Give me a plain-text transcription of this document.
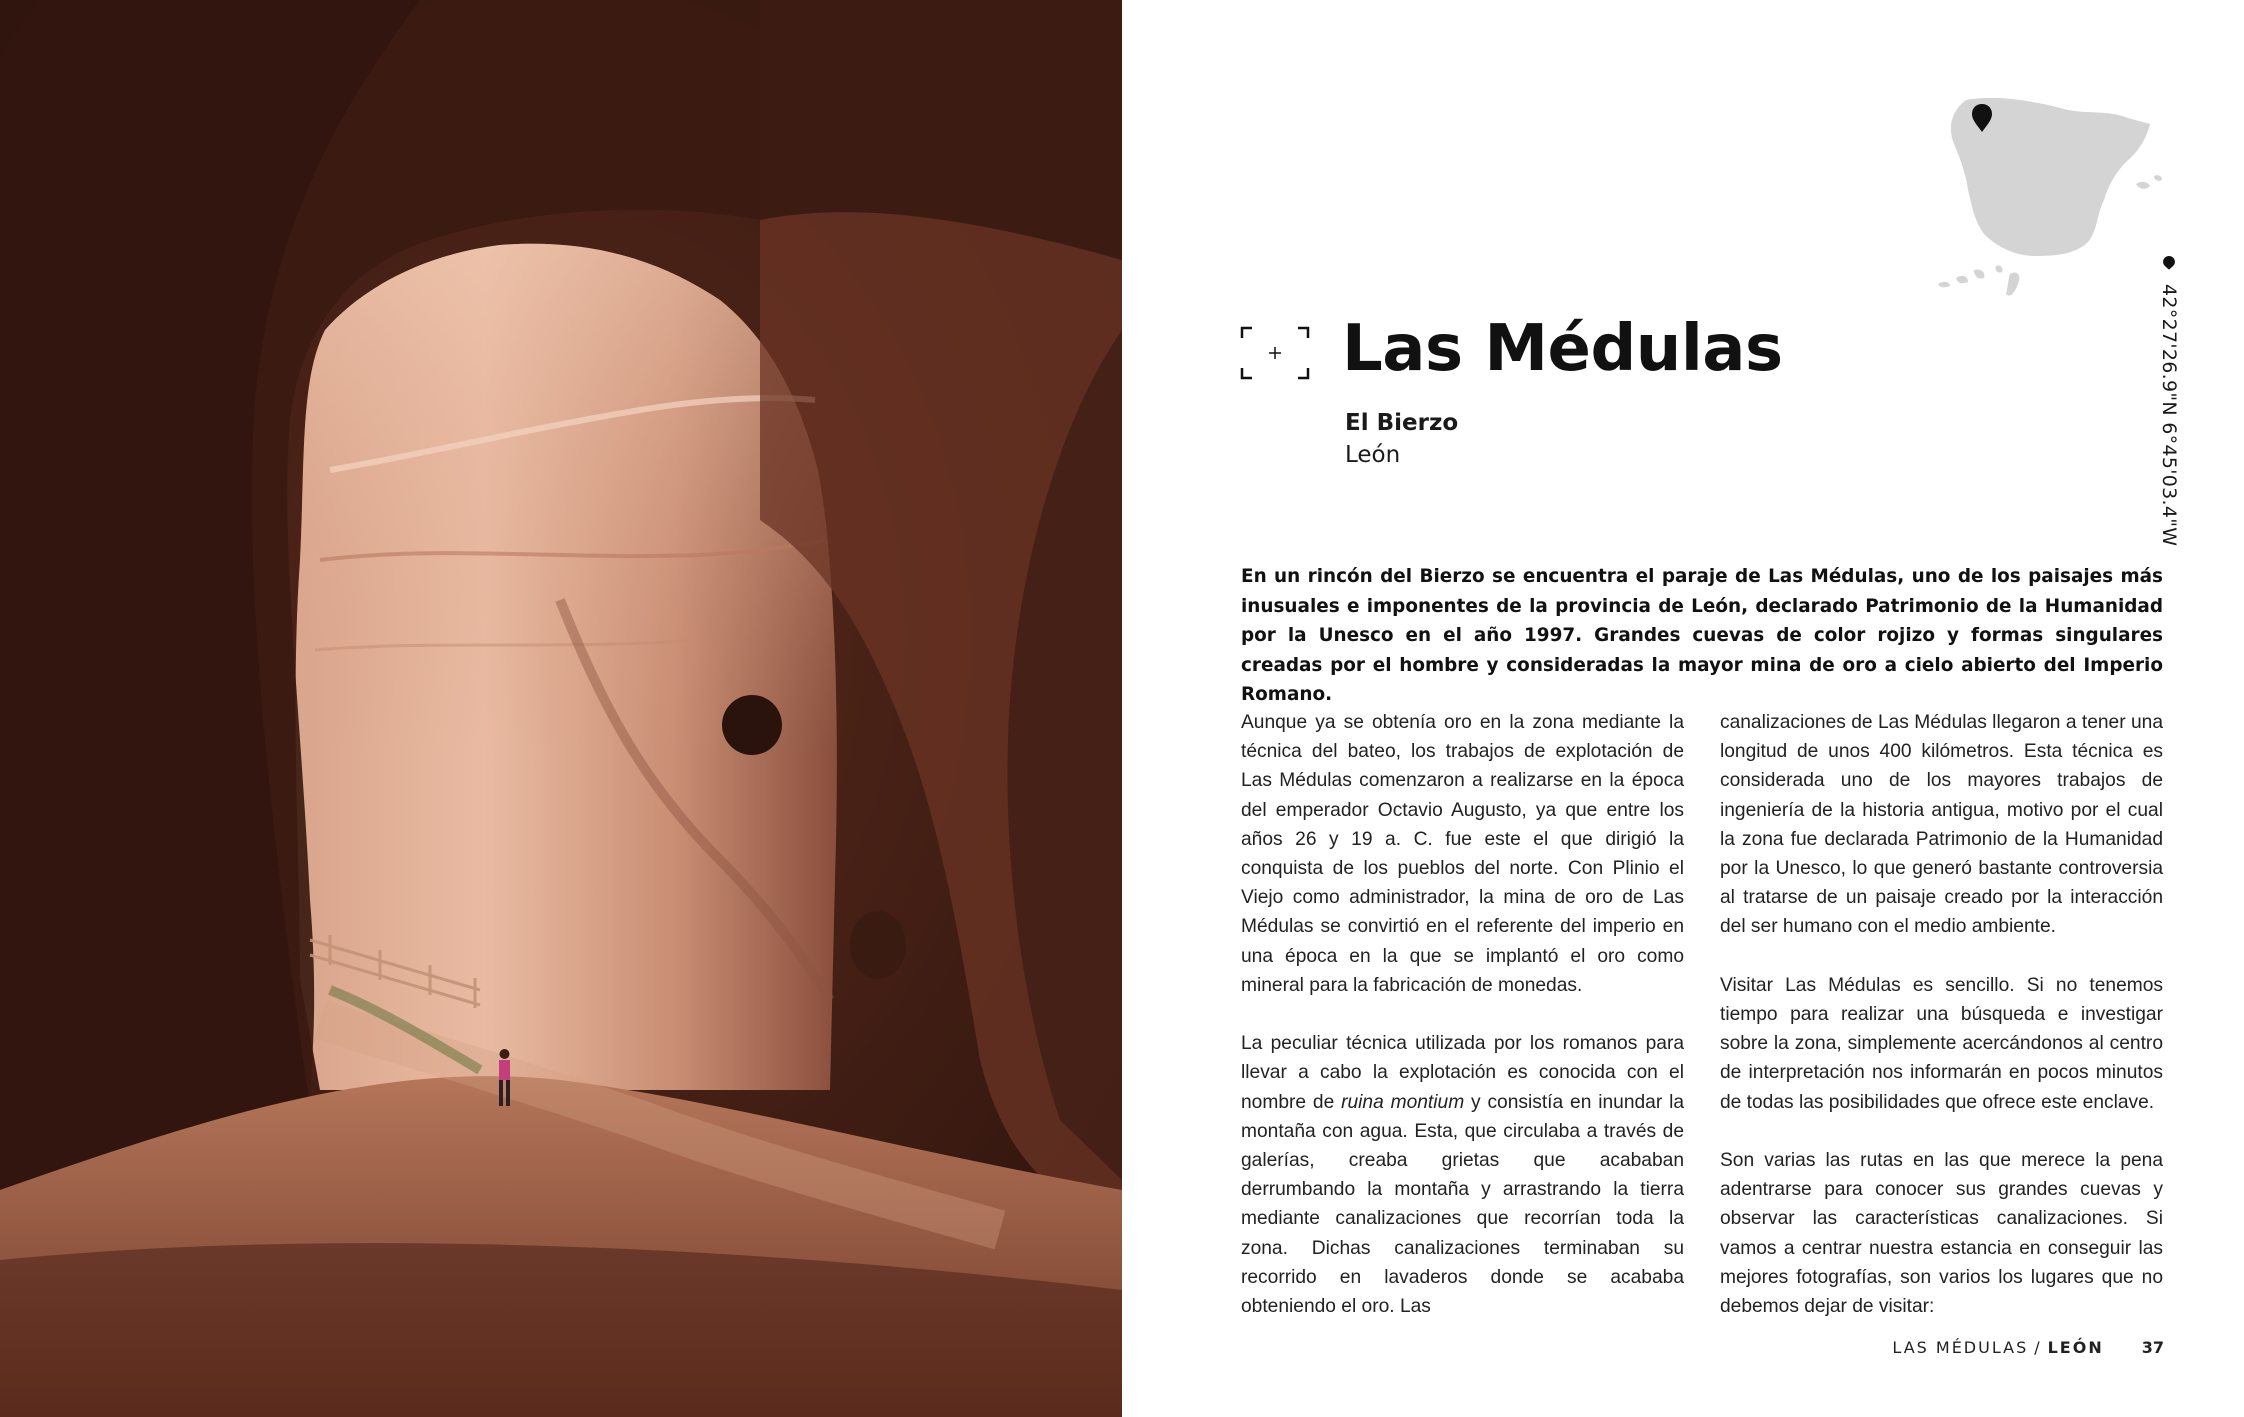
42°27'26.9"N 6°45'03.4"W
Las Médulas
El Bierzo
León

En un rincón del Bierzo se encuentra el paraje de Las Médulas, uno de los paisajes más inusuales e imponentes de la provincia de León, declarado Patrimonio de la Humanidad por la Unesco en el año 1997. Grandes cuevas de color rojizo y formas singulares creadas por el hombre y consideradas la mayor mina de oro a cielo abierto del Imperio Romano.

Aunque ya se obtenía oro en la zona mediante la técnica del bateo, los trabajos de explotación de Las Médulas comenzaron a realizarse en la época del emperador Octavio Augusto, ya que entre los años 26 y 19 a. C. fue este el que dirigió la conquista de los pueblos del norte. Con Plinio el Viejo como administrador, la mina de oro de Las Médulas se convirtió en el referente del imperio en una época en la que se implantó el oro como mineral para la fabricación de monedas.

La peculiar técnica utilizada por los romanos para llevar a cabo la explotación es conocida con el nombre de ruina montium y consistía en inundar la montaña con agua. Esta, que circulaba a través de galerías, creaba grietas que acababan derrumbando la montaña y arrastrando la tierra mediante canalizaciones que recorrían toda la zona. Dichas canalizaciones terminaban su recorrido en lavaderos donde se acababa obteniendo el oro. Las

canalizaciones de Las Médulas llegaron a tener una longitud de unos 400 kilómetros. Esta técnica es considerada uno de los mayores trabajos de ingeniería de la historia antigua, motivo por el cual la zona fue declarada Patrimonio de la Humanidad por la Unesco, lo que generó bastante controversia al tratarse de un paisaje creado por la interacción del ser humano con el medio ambiente.

Visitar Las Médulas es sencillo. Si no tenemos tiempo para realizar una búsqueda e investigar sobre la zona, simplemente acercándonos al centro de interpretación nos informarán en pocos minutos de todas las posibilidades que ofrece este enclave.

Son varias las rutas en las que merece la pena adentrarse para conocer sus grandes cuevas y observar las características canalizaciones. Si vamos a centrar nuestra estancia en conseguir las mejores fotografías, son varios los lugares que no debemos dejar de visitar:

LAS MÉDULAS / LEÓN 37
